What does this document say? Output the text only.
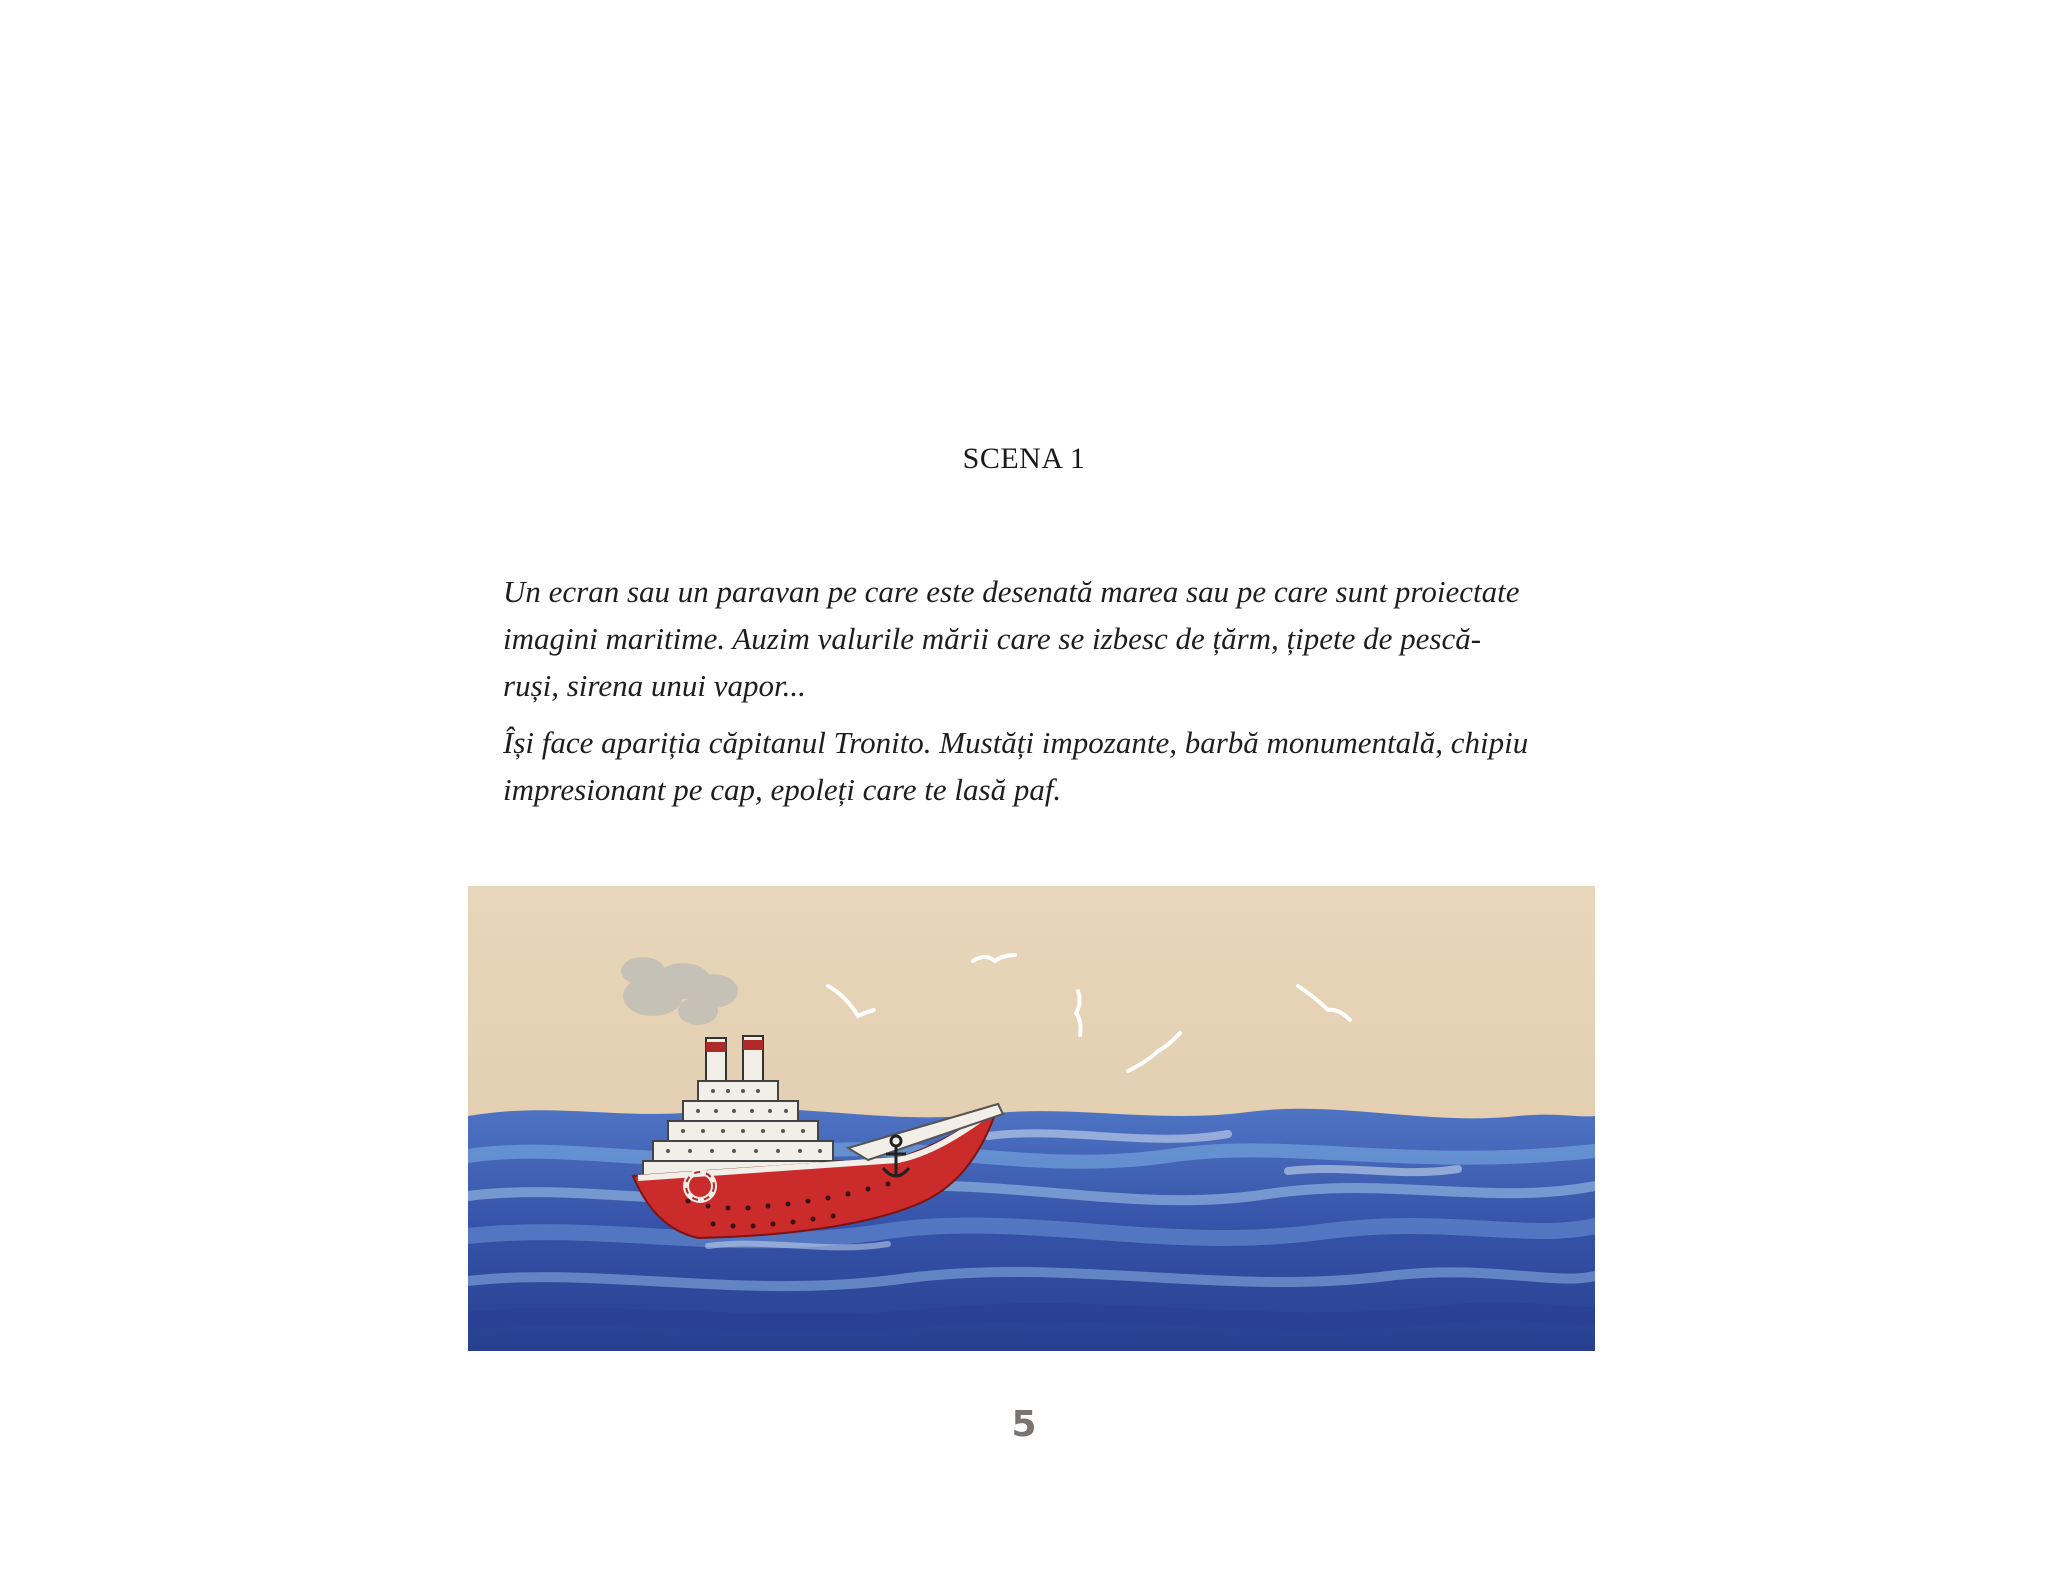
SCENA 1

Un ecran sau un paravan pe care este desenată marea sau pe care sunt proiectate
imagini maritime. Auzim valurile mării care se izbesc de țărm, țipete de pescă-
ruși, sirena unui vapor...

Își face apariția căpitanul Tronito. Mustăți impozante, barbă monumentală, chipiu
impresionant pe cap, epoleți care te lasă paf.

5
